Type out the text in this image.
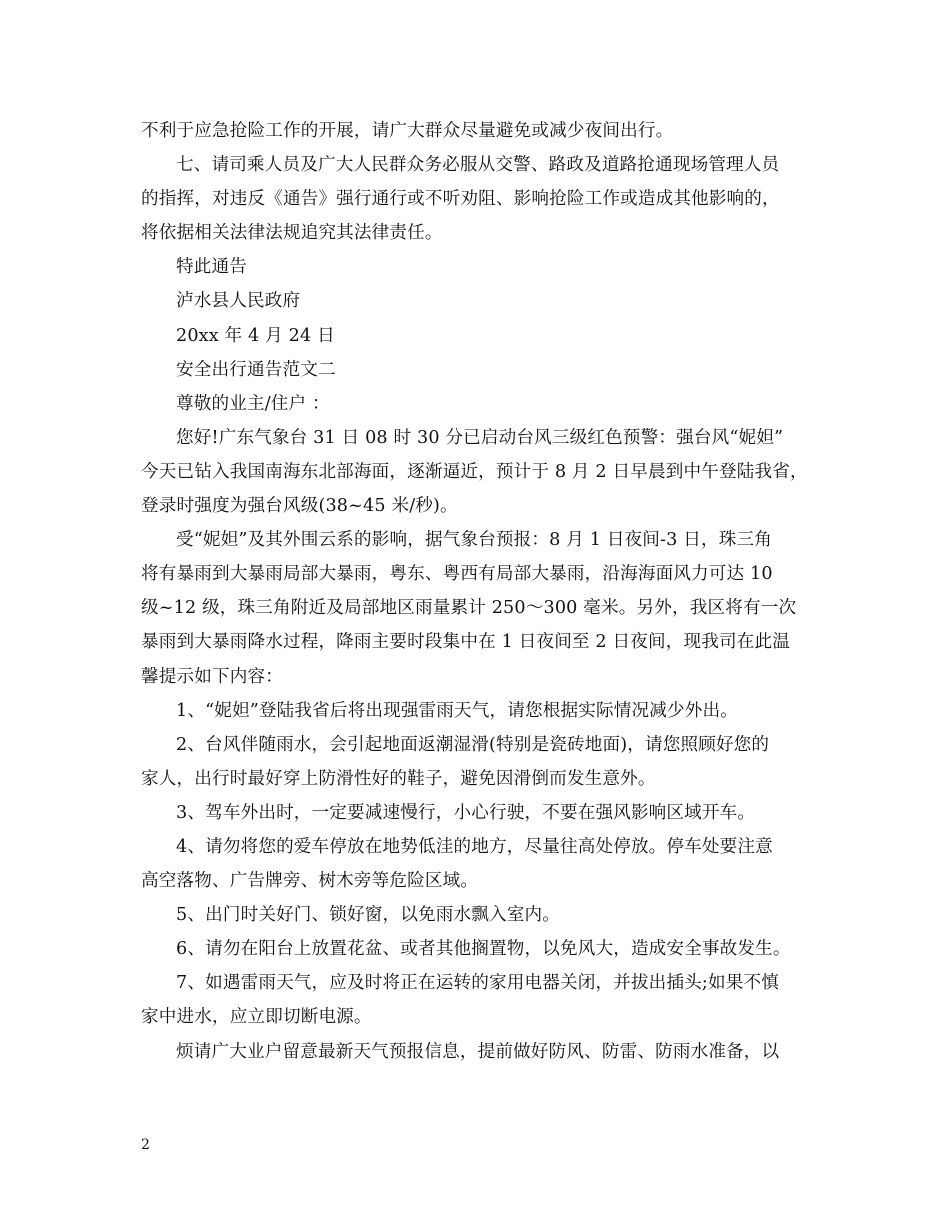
不利于应急抢险工作的开展，请广大群众尽量避免或减少夜间出行。
七、请司乘人员及广大人民群众务必服从交警、路政及道路抢通现场管理人员
的指挥，对违反《通告》强行通行或不听劝阻、影响抢险工作或造成其他影响的，
将依据相关法律法规追究其法律责任。
特此通告
泸水县人民政府
20xx 年 4 月 24 日
安全出行通告范文二
尊敬的业主/住户 ：
您好!广东气象台 31 日 08 时 30 分已启动台风三级红色预警：强台风“妮妲”
今天已钻入我国南海东北部海面，逐渐逼近，预计于 8 月 2 日早晨到中午登陆我省，
登录时强度为强台风级(38~45 米/秒)。
受“妮妲”及其外围云系的影响，据气象台预报：8 月 1 日夜间-3 日，珠三角
将有暴雨到大暴雨局部大暴雨，粤东、粤西有局部大暴雨，沿海海面风力可达 10
级~12 级，珠三角附近及局部地区雨量累计 250～300 毫米。另外，我区将有一次
暴雨到大暴雨降水过程，降雨主要时段集中在 1 日夜间至 2 日夜间，现我司在此温
馨提示如下内容：
1、“妮妲”登陆我省后将出现强雷雨天气，请您根据实际情况减少外出。
2、台风伴随雨水，会引起地面返潮湿滑(特别是瓷砖地面)，请您照顾好您的
家人，出行时最好穿上防滑性好的鞋子，避免因滑倒而发生意外。
3、驾车外出时，一定要减速慢行，小心行驶，不要在强风影响区域开车。
4、请勿将您的爱车停放在地势低洼的地方，尽量往高处停放。停车处要注意
高空落物、广告牌旁、树木旁等危险区域。
5、出门时关好门、锁好窗，以免雨水飘入室内。
6、请勿在阳台上放置花盆、或者其他搁置物，以免风大，造成安全事故发生。
7、如遇雷雨天气，应及时将正在运转的家用电器关闭，并拔出插头;如果不慎
家中进水，应立即切断电源。
烦请广大业户留意最新天气预报信息，提前做好防风、防雷、防雨水准备，以
2
